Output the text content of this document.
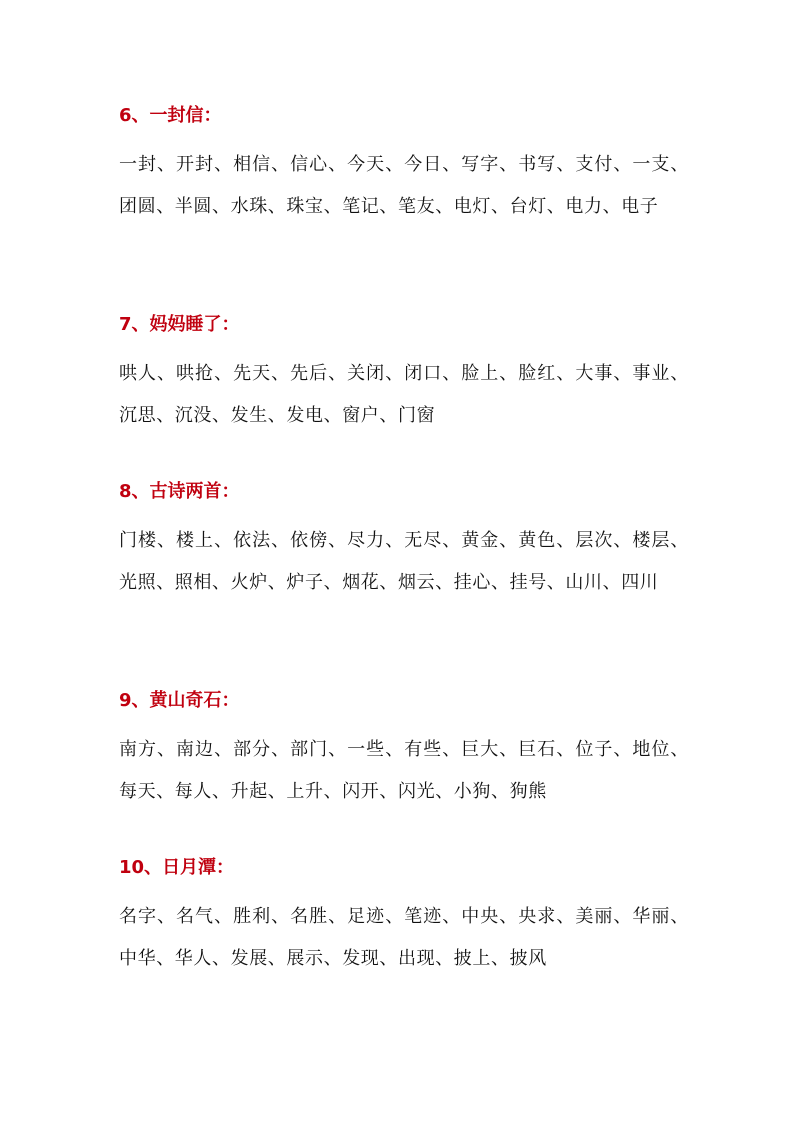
6、一封信：
一封、开封、相信、信心、今天、今日、写字、书写、支付、一支、团圆、半圆、水珠、珠宝、笔记、笔友、电灯、台灯、电力、电子
7、妈妈睡了：
哄人、哄抢、先天、先后、关闭、闭口、脸上、脸红、大事、事业、沉思、沉没、发生、发电、窗户、门窗
8、古诗两首：
门楼、楼上、依法、依傍、尽力、无尽、黄金、黄色、层次、楼层、光照、照相、火炉、炉子、烟花、烟云、挂心、挂号、山川、四川
9、黄山奇石：
南方、南边、部分、部门、一些、有些、巨大、巨石、位子、地位、每天、每人、升起、上升、闪开、闪光、小狗、狗熊
10、日月潭：
名字、名气、胜利、名胜、足迹、笔迹、中央、央求、美丽、华丽、中华、华人、发展、展示、发现、出现、披上、披风
